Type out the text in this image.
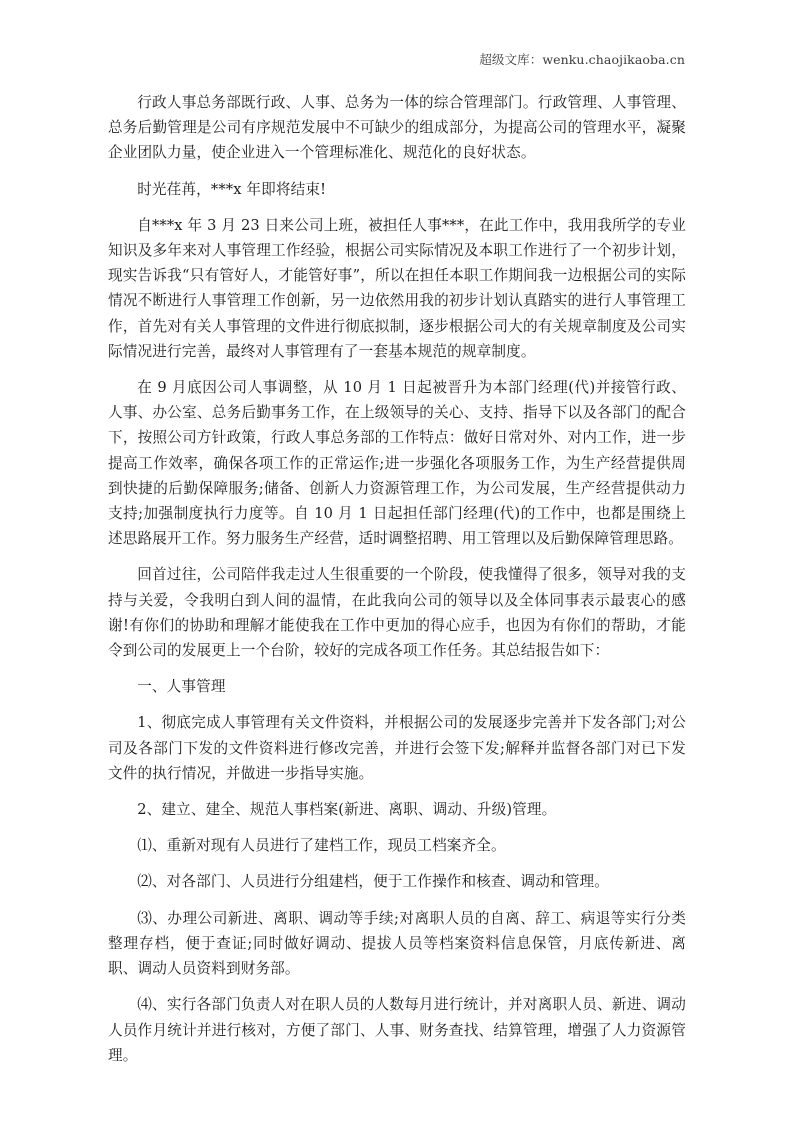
超级文库：wenku.chaojikaoba.cn

行政人事总务部既行政、人事、总务为一体的综合管理部门。行政管理、人事管理、总务后勤管理是公司有序规范发展中不可缺少的组成部分，为提高公司的管理水平，凝聚企业团队力量，使企业进入一个管理标准化、规范化的良好状态。

时光荏苒，***x 年即将结束!

自***x 年 3 月 23 日来公司上班，被担任人事***，在此工作中，我用我所学的专业知识及多年来对人事管理工作经验，根据公司实际情况及本职工作进行了一个初步计划，现实告诉我“只有管好人，才能管好事”，所以在担任本职工作期间我一边根据公司的实际情况不断进行人事管理工作创新，另一边依然用我的初步计划认真踏实的进行人事管理工作，首先对有关人事管理的文件进行彻底拟制，逐步根据公司大的有关规章制度及公司实际情况进行完善，最终对人事管理有了一套基本规范的规章制度。

在 9 月底因公司人事调整，从 10 月 1 日起被晋升为本部门经理(代)并接管行政、人事、办公室、总务后勤事务工作，在上级领导的关心、支持、指导下以及各部门的配合下，按照公司方针政策，行政人事总务部的工作特点：做好日常对外、对内工作，进一步提高工作效率，确保各项工作的正常运作;进一步强化各项服务工作，为生产经营提供周到快捷的后勤保障服务;储备、创新人力资源管理工作，为公司发展，生产经营提供动力支持;加强制度执行力度等。自 10 月 1 日起担任部门经理(代)的工作中，也都是围绕上述思路展开工作。努力服务生产经营，适时调整招聘、用工管理以及后勤保障管理思路。

回首过往，公司陪伴我走过人生很重要的一个阶段，使我懂得了很多，领导对我的支持与关爱，令我明白到人间的温情，在此我向公司的领导以及全体同事表示最衷心的感谢!有你们的协助和理解才能使我在工作中更加的得心应手，也因为有你们的帮助，才能令到公司的发展更上一个台阶，较好的完成各项工作任务。其总结报告如下：

一、人事管理

1、彻底完成人事管理有关文件资料，并根据公司的发展逐步完善并下发各部门;对公司及各部门下发的文件资料进行修改完善，并进行会签下发;解释并监督各部门对已下发文件的执行情况，并做进一步指导实施。

2、建立、建全、规范人事档案(新进、离职、调动、升级)管理。

⑴、重新对现有人员进行了建档工作，现员工档案齐全。

⑵、对各部门、人员进行分组建档，便于工作操作和核查、调动和管理。

⑶、办理公司新进、离职、调动等手续;对离职人员的自离、辞工、病退等实行分类整理存档，便于查证;同时做好调动、提拔人员等档案资料信息保管，月底传新进、离职、调动人员资料到财务部。

⑷、实行各部门负责人对在职人员的人数每月进行统计，并对离职人员、新进、调动人员作月统计并进行核对，方便了部门、人事、财务查找、结算管理，增强了人力资源管理。
